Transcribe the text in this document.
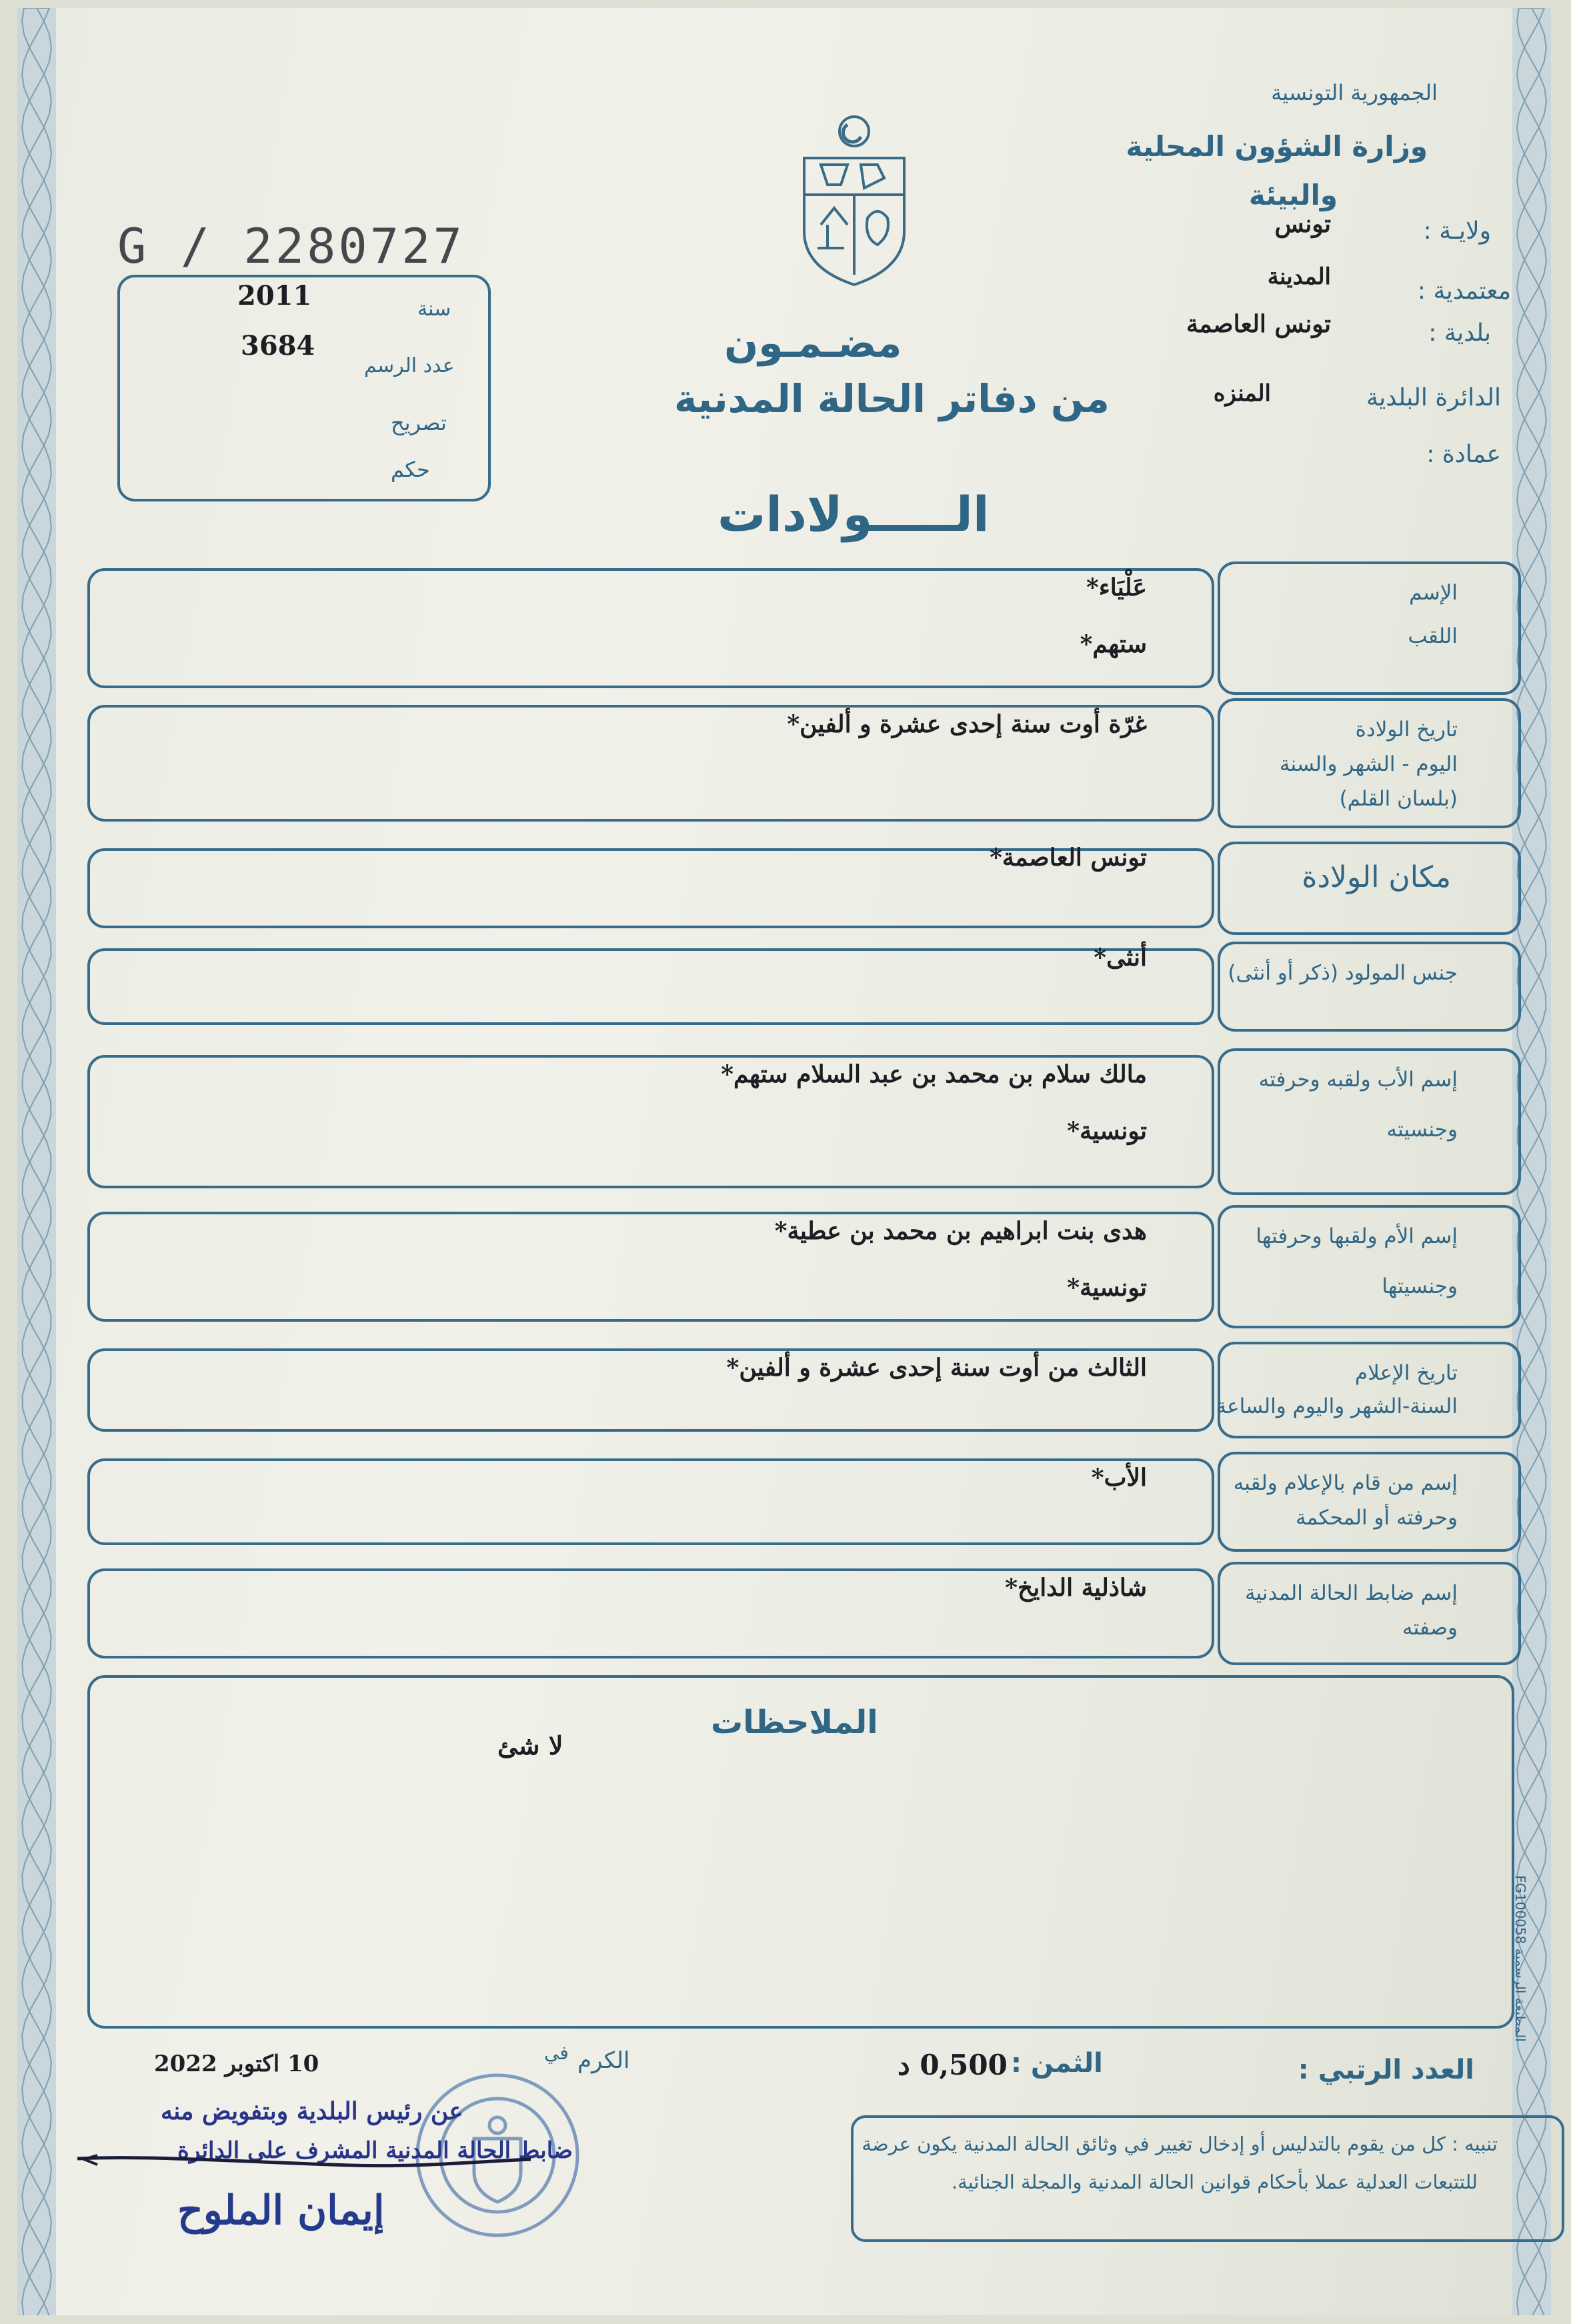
الجمهورية التونسية
وزارة الشؤون المحلية
والبيئة
ولايـة :
تونس
معتمدية :
المدينة
بلدية :
تونس العاصمة
الدائرة البلدية
المنزه
عمادة :
G / 2280727
سنة
2011
عدد الرسم
3684
تصريح
حكم
مضـمـون
من دفاتر الحالة المدنية
الـــــولادات
الإسم
اللقب
عَلْيَاء*
ستهم*
تاريخ الولادة
اليوم - الشهر والسنة
(بلسان القلم)
غرّة أوت سنة إحدى عشرة و ألفين*
مكان الولادة
تونس العاصمة*
جنس المولود (ذكر أو أنثى)
أنثى*
إسم الأب ولقبه وحرفته
وجنسيته
مالك سلام بن محمد بن عبد السلام ستهم*
تونسية*
إسم الأم ولقبها وحرفتها
وجنسيتها
هدى بنت ابراهيم بن محمد بن عطية*
تونسية*
تاريخ الإعلام
السنة-الشهر واليوم والساعة
الثالث من أوت سنة إحدى عشرة و ألفين*
إسم من قام بالإعلام ولقبه
وحرفته أو المحكمة
الأب*
إسم ضابط الحالة المدنية
وصفته
شاذلية الدايخ*
الملاحظات
لا شئ
المطبعة الرسمية FG100058
العدد الرتبي :
الثمن :
0,500 د
الكرم
في
10 اكتوبر 2022
عن رئيس البلدية وبتفويض منه
ضابط الحالة المدنية المشرف على الدائرة
إيمان الملوح
تنبيه : كل من يقوم بالتدليس أو إدخال تغيير في وثائق الحالة المدنية يكون عرضة
للتتبعات العدلية عملا بأحكام قوانين الحالة المدنية والمجلة الجنائية.
